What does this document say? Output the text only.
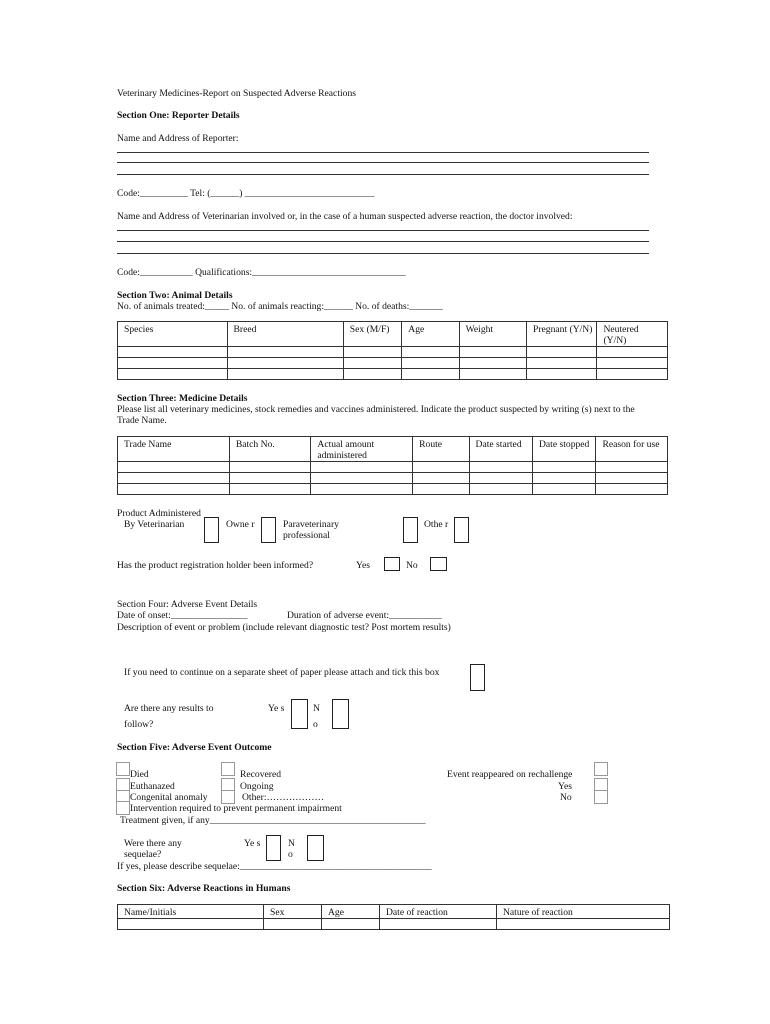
Veterinary Medicines-Report on Suspected Adverse Reactions
Section One: Reporter Details
Name and Address of Reporter:
Code:__________ Tel: (______) ___________________________
Name and Address of Veterinarian involved or, in the case of a human suspected adverse reaction, the doctor involved:
Code:___________ Qualifications:________________________________
Section Two: Animal Details
No. of animals treated:_____ No. of animals reacting:______ No. of deaths:_______
Species	Breed	Sex (M/F)	Age	Weight	Pregnant (Y/N)	Neutered (Y/N)

Section Three: Medicine Details
Please list all veterinary medicines, stock remedies and vaccines administered. Indicate the product suspected by writing (s) next to the Trade Name.
Trade Name	Batch No.	Actual amount administered	Route	Date started	Date stopped	Reason for use

Product Administered
By Veterinarian	Owne r	Paraveterinary professional
Othe r
Has the product registration holder been informed?	Yes	No
Section Four: Adverse Event Details
Date of onset:________________	Duration of adverse event:___________
Description of event or problem (include relevant diagnostic test? Post mortem results)
If you need to continue on a separate sheet of paper please attach and tick this box
Are there any results to follow?
Ye s	N o
Section Five: Adverse Event Outcome
Died	Recovered
Euthanazed	Ongoing
Congenital anomaly	Other:………………
Intervention required to prevent permanent impairment
Treatment given, if any_____________________________________________
Event reappeared on rechallenge
Yes
No
Were there any sequelae?
Ye s	N o
If yes, please describe sequelae:________________________________________
Section Six: Adverse Reactions in Humans
Name/Initials	Sex	Age	Date of reaction	Nature of reaction
